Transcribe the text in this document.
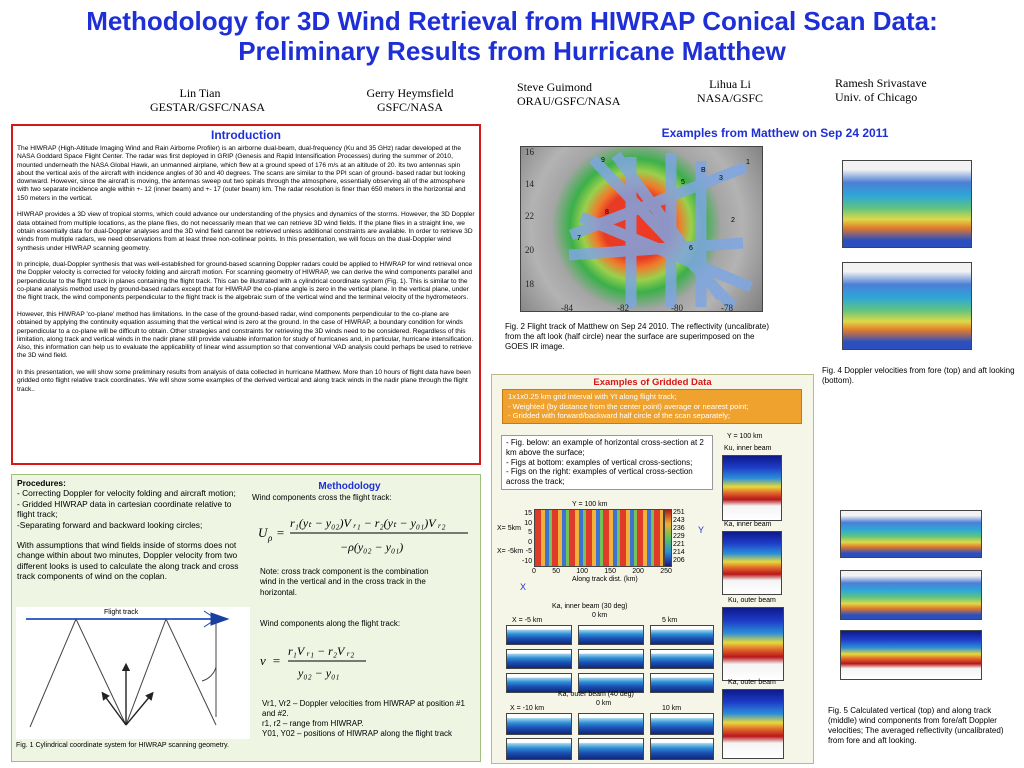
Methodology for 3D Wind Retrieval from HIWRAP Conical Scan Data:
Preliminary Results from Hurricane Matthew
Lin Tian
GESTAR/GSFC/NASA
Gerry Heymsfield
GSFC/NASA
Steve Guimond
ORAU/GSFC/NASA
Lihua Li
NASA/GSFC
Ramesh Srivastave
Univ. of Chicago
Introduction

The HIWRAP (High-Altitude Imaging Wind and Rain Airborne Profiler) is an airborne dual-beam, dual-frequency (Ku and 35 GHz) radar developed at the NASA Goddard Space Flight Center. The radar was first deployed in GRIP (Genesis and Rapid Intensification Processes) during the summer of 2010, mounted underneath the NASA Global Hawk, an unmanned airplane, which flew at a ground speed of 176 m/s at an altitude of 20. Its two antennas spin about the vertical axis of the aircraft with incidence angles of 30 and 40 degrees. The scans are similar to the PPI scan of ground- based radar but looking downward. However, since the aircraft is moving, the antennas sweep out two spirals through the atmosphere, essentially observing all of the atmosphere with two separate incidence angle within +- 12 (inner beam) and +- 17 (outer beam) km. The radar resolution is finer than 650 meters in the horizontal and 150 meters in the vertical.

HIWRAP provides a 3D view of tropical storms, which could advance our understanding of the physics and dynamics of the storms. However, the 3D Doppler data obtained from multiple locations, as the plane flies, do not necessarily mean that we can retrieve 3D wind fields. If the plane flies in a straight line, we obtain essentially data for dual-Doppler analyses and the 3D wind field cannot be retrieved unless additional constraints are available. In order to retrieve 3D winds from multiple radars, we need observations from at least three non-collinear points. In this presentation, we will focus on the dual-Doppler wind synthesis under HIWRAP scanning geometry.

In principle, dual-Doppler synthesis that was well-established for ground-based scanning Doppler radars could be applied to HIWRAP for wind retrieval once the Doppler velocity is corrected for velocity folding and aircraft motion. For scanning geometry of HIWRAP, we can derive the wind components parallel and perpendicular to the flight track in planes containing the flight track. This can be illustrated with a cylindrical coordinate system (Fig. 1). This is similar to the co-plane analysis method used by ground-based radars except that for HIWRAP the co-plane angle is zero in the vertical plane. In the vertical plane, under the flight track, the wind components perpendicular to the flight track is the algebraic sum of the vertical wind and the terminal velocity of the hydrometeors.

However, this HIWRAP 'co-plane' method has limitations. In the case of the ground-based radar, wind components perpendicular to the co-plane are obtained by applying the continuity equation assuming that the vertical wind is zero at the ground. In the case of HIWRAP, a boundary condition for winds perpendicular to a co-plane will be difficult to obtain. Other strategies and constraints for retrieving the 3D winds need to be considered. Regardless of this limitation, along track and vertical winds in the nadir plane still provide valuable information for study of hurricanes and, in particular, hurricane intensification. Also, this information can help us to evaluate the applicability of linear wind assumption so that conventional VAD analysis could perhaps be used to retrieve the 3D wind field.

In this presentation, we will show some preliminary results from analysis of data collected in hurricane Matthew. More than 10 hours of flight data have been gridded onto flight relative track coordinates. We will show some examples of the derived vertical and along track winds in the nadir plane through the flight track..

Procedures:
- Correcting Doppler for velocity folding and aircraft motion;
- Gridded HIWRAP data in cartesian coordinate relative to flight track;
-Separating forward and backward looking circles;
With assumptions that wind fields inside of storms does not change within about two minutes, Doppler velocity from two different looks is used to calculate the along track and cross track components of wind on the coplan.
Flight track
Fig. 1 Cylindrical coordinate system for HIWRAP scanning geometry.
Methodology
Wind components cross the flight track:
U ρ =
r₁(yₜ − y₀₂)V ᵣ₁ − r₂(yₜ − y₀₁)V ᵣ₂
−ρ(y₀₂ − y₀₁)
Note: cross track component is the combination wind in the vertical and in the cross track in the horizontal.
Wind components along the flight track:
v =
r₁V ᵣ₁ − r₂V ᵣ₂
y₀₂ − y₀₁
Vr1, Vr2 – Doppler velocities from HIWRAP at position #1 and #2.
r1, r2 – range from HIWRAP.
Y01, Y02 – positions of HIWRAP along the flight track
Examples from Matthew on Sep 24 2011
16
14
22
20
18
-84	-82	-80	-78
9	1
B
3
5
8
2
7
6
Fig. 2 Flight track of Matthew on Sep 24 2010. The reflectivity (uncalibrate) from the aft look (half circle) near the surface are superimposed on the GOES IR image.
Fig. 4 Doppler velocities from fore (top) and aft looking (bottom).
Fig. 5 Calculated vertical (top) and along track (middle) wind components from fore/aft Doppler velocities; The averaged reflectivity (uncalibrated) from fore and aft looking.
Examples of Gridded Data
1x1x0.25 km grid interval with Yt along flight track;
- Weighted (by distance from the center point) average or nearest point;
- Gridded with forward/backward half circle of the scan separately;
- Fig. below: an example of horizontal cross-section at 2 km above the surface;
- Figs at bottom: examples of vertical cross-sections;
- Figs on the right: examples of vertical cross-section across the track;
Y = 100 km
Ku, inner beam
Ka, inner beam
Ku, outer beam
Ka, outer beam
Y = 100 km
251
243
236
229
221
214
206
X= 5km
X= -5km
15
10
5
0
-5
-10
0 50 100 150 200 250
Along track dist. (km)
X
Y
Ka, inner beam (30 deg)
X = -5 km
0 km
5 km
Ka, outer beam (40 deg)
X = -10 km
0 km
10 km
